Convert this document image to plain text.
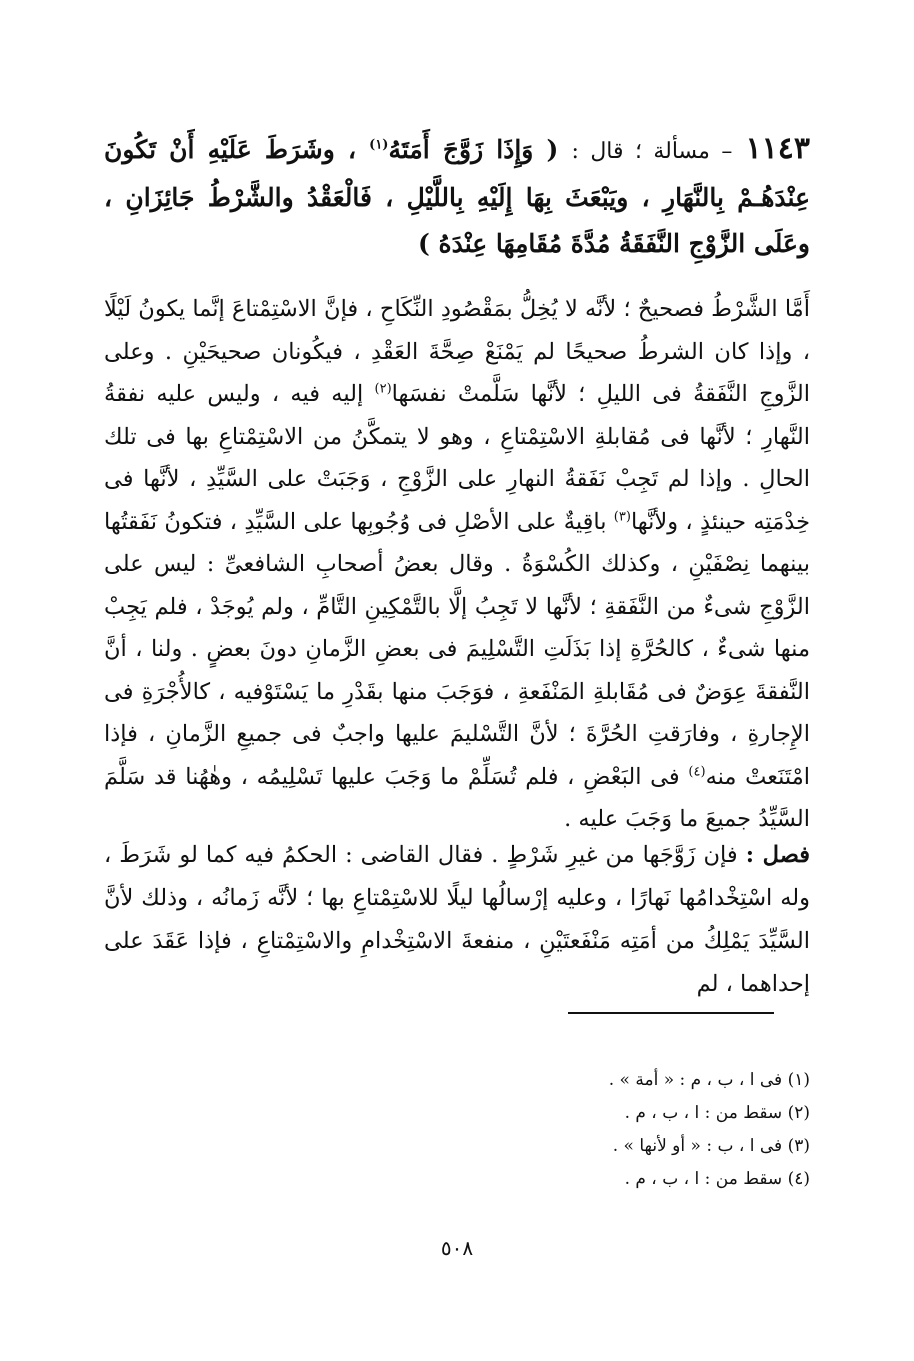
١١٤٣ – مسألة ؛ قال : ( وَإِذَا زَوَّجَ أَمَتَهُ$^{(١)}$ ، وشَرَطَ عَلَيْهِ أَنْ تَكُونَ عِنْدَهُـمْ بِالنَّهَارِ ، ويَبْعَثَ بِهَا إِلَيْهِ بِاللَّيْلِ ، فَالْعَقْدُ والشَّرْطُ جَائِزَانِ ، وعَلَى الزَّوْجِ النَّفَقَةُ مُدَّةَ مُقَامِهَا عِنْدَهُ )
أَمَّا الشَّرْطُ فصحيحٌ ؛ لأنَّه لا يُخِلُّ بمَقْصُودِ النِّكَاحِ ، فإنَّ الاسْتِمْتاعَ إنَّما يكونُ لَيْلًا ، وإذا كان الشرطُ صحيحًا لم يَمْنَعْ صِحَّةَ العَقْدِ ، فيكُونان صحيحَيْنِ . وعلى الزَّوجِ النَّفَقةُ فى الليلِ ؛ لأنَّها سَلَّمتْ نفسَها$^{(٢)}$ إليه فيه ، وليس عليه نفقةُ النَّهارِ ؛ لأنَّها فى مُقابلةِ الاسْتِمْتاعِ ، وهو لا يتمكَّنُ من الاسْتِمْتاعِ بها فى تلك الحالِ . وإذا لم تَجِبْ نَفَقةُ النهارِ على الزَّوْجِ ، وَجَبَتْ على السَّيِّدِ ، لأنَّها فى خِدْمَتِه حينئذٍ ، ولأنَّها$^{(٣)}$ باقِيةٌ على الأصْلِ فى وُجُوبِها على السَّيِّدِ ، فتكونُ نَفَقتُها بينهما نِصْفَيْنِ ، وكذلك الكُسْوَةُ . وقال بعضُ أصحابِ الشافعىِّ : ليس على الزَّوْجِ شىءٌ من النَّفَقةِ ؛ لأنَّها لا تَجِبُ إلَّا بالتَّمْكِينِ التَّامِّ ، ولم يُوجَدْ ، فلم يَجِبْ منها شىءٌ ، كالحُرَّةِ إذا بَذَلَتِ التَّسْلِيمَ فى بعضِ الزَّمانِ دونَ بعضٍ . ولنا ، أنَّ النَّفقةَ عِوَضٌ فى مُقَابلةِ المَنْفَعةِ ، فوَجَبَ منها بقَدْرِ ما يَسْتَوْفيه ، كالأُجْرَةِ فى الإِجارةِ ، وفارَقتِ الحُرَّةَ ؛ لأنَّ التَّسْليمَ عليها واجبٌ فى جميعِ الزَّمانِ ، فإذا امْتَنَعتْ منه$^{(٤)}$ فى البَعْضِ ، فلم تُسَلِّمْ ما وَجَبَ عليها تَسْلِيمُه ، وهٰهُنا قد سَلَّمَ السَّيِّدُ جميعَ ما وَجَبَ عليه .
فصل : فإن زَوَّجَها من غيرِ شَرْطٍ . فقال القاضى : الحكمُ فيه كما لو شَرَطَ ، وله اسْتِخْدامُها نَهارًا ، وعليه إرْسالُها ليلًا للاسْتِمْتاعِ بها ؛ لأنَّه زَمانُه ، وذلك لأنَّ السَّيِّدَ يَمْلِكُ من أمَتِه مَنْفَعتَيْنِ ، منفعةَ الاسْتِخْدامِ والاسْتِمْتاعِ ، فإذا عَقَدَ على إحداهما ، لم
(١) فى ا ، ب ، م : « أمة » .
(٢) سقط من : ا ، ب ، م .
(٣) فى ا ، ب : « أو لأنها » .
(٤) سقط من : ا ، ب ، م .
٥٠٨
